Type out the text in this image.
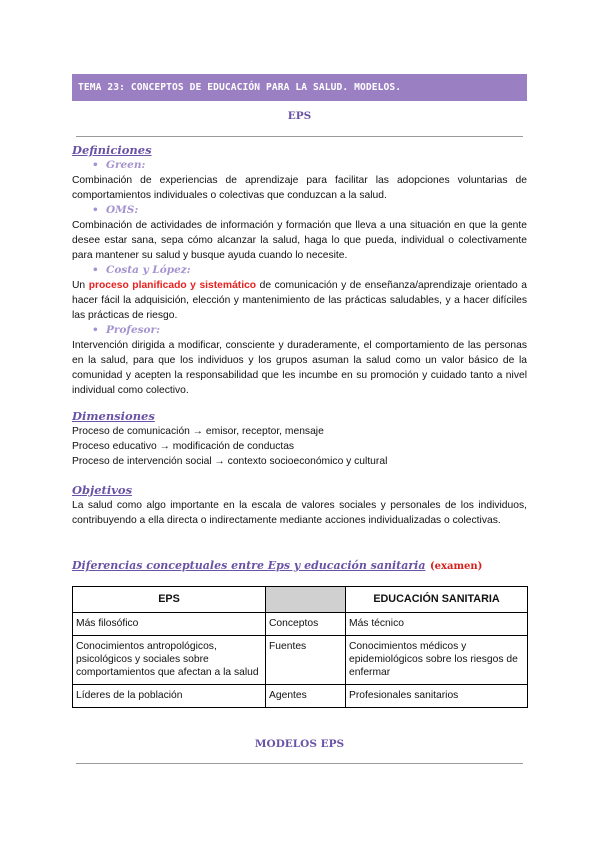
TEMA 23: CONCEPTOS DE EDUCACIÓN PARA LA SALUD. MODELOS.
EPS
Definiciones
• Green:
Combinación de experiencias de aprendizaje para facilitar las adopciones voluntarias de comportamientos individuales o colectivas que conduzcan a la salud.
• OMS:
Combinación de actividades de información y formación que lleva a una situación en que la gente desee estar sana, sepa cómo alcanzar la salud, haga lo que pueda, individual o colectivamente para mantener su salud y busque ayuda cuando lo necesite.
• Costa y López:
Un proceso planificado y sistemático de comunicación y de enseñanza/aprendizaje orientado a hacer fácil la adquisición, elección y mantenimiento de las prácticas saludables, y a hacer difíciles las prácticas de riesgo.
• Profesor:
Intervención dirigida a modificar, consciente y duraderamente, el comportamiento de las personas en la salud, para que los individuos y los grupos asuman la salud como un valor básico de la comunidad y acepten la responsabilidad que les incumbe en su promoción y cuidado tanto a nivel individual como colectivo.
Dimensiones
Proceso de comunicación → emisor, receptor, mensaje
Proceso educativo → modificación de conductas
Proceso de intervención social → contexto socioeconómico y cultural
Objetivos
La salud como algo importante en la escala de valores sociales y personales de los individuos, contribuyendo a ella directa o indirectamente mediante acciones individualizadas o colectivas.
Diferencias conceptuales entre Eps y educación sanitaria (examen)
EPS		EDUCACIÓN SANITARIA
Más filosófico	Conceptos	Más técnico
Conocimientos antropológicos, psicológicos y sociales sobre comportamientos que afectan a la salud	Fuentes	Conocimientos médicos y epidemiológicos sobre los riesgos de enfermar
Líderes de la población	Agentes	Profesionales sanitarios
MODELOS EPS
